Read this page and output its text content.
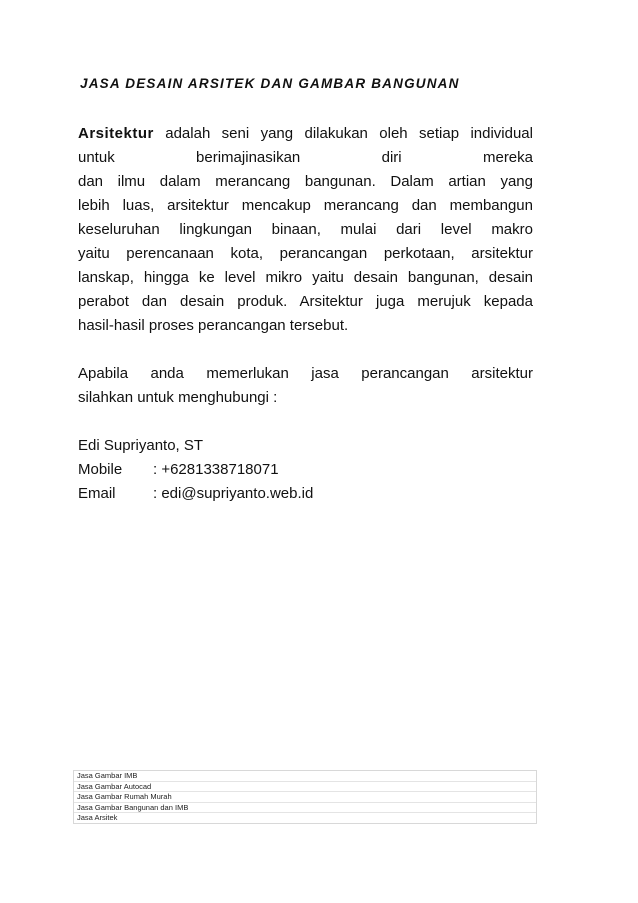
JASA DESAIN ARSITEK DAN GAMBAR BANGUNAN

Arsitektur adalah seni yang dilakukan oleh setiap individual
untuk berimajinasikan diri mereka
dan ilmu dalam merancang bangunan. Dalam artian yang
lebih luas, arsitektur mencakup merancang dan membangun
keseluruhan lingkungan binaan, mulai dari level makro
yaitu perencanaan kota, perancangan perkotaan, arsitektur
lanskap, hingga ke level mikro yaitu desain bangunan, desain
perabot dan desain produk. Arsitektur juga merujuk kepada
hasil-hasil proses perancangan tersebut.

Apabila anda memerlukan jasa perancangan arsitektur
silahkan untuk menghubungi :

Edi Supriyanto, ST

Mobile	: +6281338718071
Email	: edi@supriyanto.web.id
Jasa Gambar IMB
Jasa Gambar Autocad
Jasa Gambar Rumah Murah
Jasa Gambar Bangunan dan IMB
Jasa Arsitek
